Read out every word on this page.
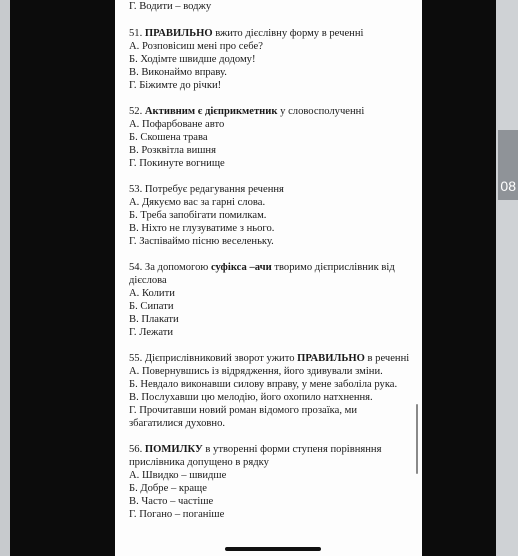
08
Г. Водити – воджу
51. ПРАВИЛЬНО вжито дієслівну форму в реченні
А. Розповісиш мені про себе?
Б. Ходімте швидше додому!
В. Виконаймо вправу.
Г. Біжимте до річки!
52. Активним є дієприкметник у словосполученні
А. Пофарбоване авто
Б. Скошена трава
В. Розквітла вишня
Г. Покинуте вогнище
53. Потребує редагування речення
А. Дякуємо вас за гарні слова.
Б. Треба запобігати помилкам.
В. Ніхто не глузуватиме з нього.
Г. Заспіваймо пісню веселеньку.
54. За допомогою суфікса –ачи творимо дієприслівник від дієслова
А. Колити
Б. Сипати
В. Плакати
Г. Лежати
55. Дієприслівниковий зворот ужито ПРАВИЛЬНО в реченні
А. Повернувшись із відрядження, його здивували зміни.
Б. Невдало виконавши силову вправу, у мене заболіла рука.
В. Послухавши цю мелодію, його охопило натхнення.
Г. Прочитавши новий роман відомого прозаїка, ми збагатилися духовно.
56. ПОМИЛКУ в утворенні форми ступеня порівняння прислівника допущено в рядку
А. Швидко – швидше
Б. Добре – краще
В. Часто – частіше
Г. Погано – поганіше
